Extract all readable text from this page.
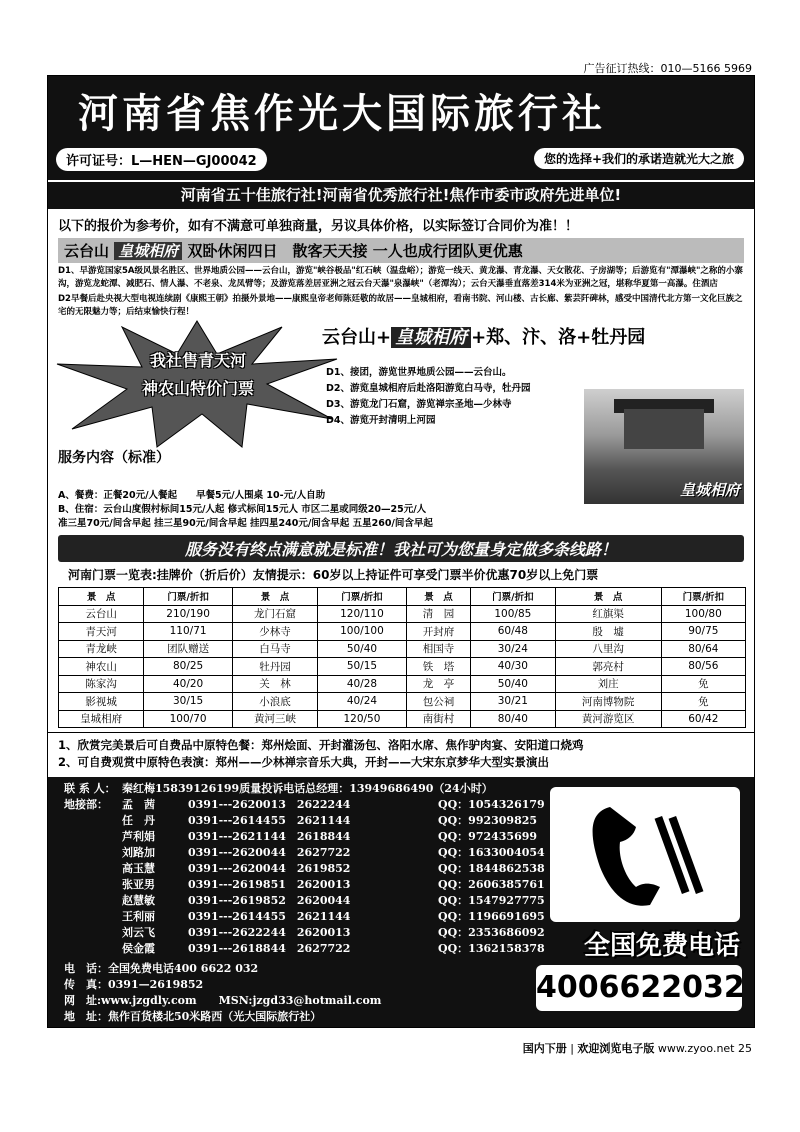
广告征订热线：010—5166 5969
河南省焦作光大国际旅行社
许可证号：L—HEN—GJ00042	您的选择+我们的承诺造就光大之旅
河南省五十佳旅行社!河南省优秀旅行社!焦作市委市政府先进单位!
以下的报价为参考价，如有不满意可单独商量，另议具体价格，以实际签订合同价为准！！
云台山 皇城相府 双卧休闲四日　散客天天接 一人也成行团队更优惠
D1、早游览国家5A级风景名胜区、世界地质公园——云台山，游览"峡谷极品"红石峡（温盘峪）；游览一线天、黄龙瀑、青龙瀑、天女散花、子房湖等；后游览有"潭瀑峡"之称的小寨沟，游览龙蛇潭、减肥石、情人瀑、不老泉、龙凤臂等；及游览落差居亚洲之冠云台天瀑"泉瀑峡"（老潭沟）；云台天瀑垂直落差314米为亚洲之冠，堪称华夏第一高瀑。住酒店
D2早餐后赴央视大型电视连续剧《康熙王朝》拍摄外景地——康熙皇帝老师陈廷敬的故居——皇城相府，看南书院、河山楼、古长廊、紫芸阡碑林，感受中国清代北方第一文化巨族之宅的无限魅力等；后结束愉快行程！
我社售青天河
神农山特价门票
云台山+ 皇城相府 +郑、汴、洛+牡丹园
D1、接团，游览世界地质公园——云台山。
D2、游览皇城相府后赴洛阳游览白马寺，牡丹园
D3、游览龙门石窟，游览禅宗圣地—少林寺
D4、游览开封清明上河园
皇城相府
服务内容（标准）
A、餐费：正餐20元/人餐起　　早餐5元/人围桌 10-元/人自助
B、住宿：云台山度假村标间15元/人起 修式标间15元人 市区二星或同级20—25元/人
准三星70元/间含早起 挂三星90元/间含早起 挂四星240元/间含早起 五星260/间含早起
服务没有终点满意就是标准！我社可为您量身定做多条线路！
河南门票一览表:挂牌价（折后价）友情提示：60岁以上持证件可享受门票半价优惠70岁以上免门票
景　点	门票/折扣	景　点	门票/折扣	景　点	门票/折扣	景　点	门票/折扣
云台山	210/190	龙门石窟	120/110	清　园	100/85	红旗渠	100/80
青天河	110/71	少林寺	100/100	开封府	60/48	殷　墟	90/75
青龙峡	团队赠送	白马寺	50/40	相国寺	30/24	八里沟	80/64
神农山	80/25	牡丹园	50/15	铁　塔	40/30	郭亮村	80/56
陈家沟	40/20	关　林	40/28	龙　亭	50/40	刘庄	免
影视城	30/15	小浪底	40/24	包公祠	30/21	河南博物院	免
皇城相府	100/70	黄河三峡	120/50	南街村	80/40	黄河游览区	60/42
1、欣赏完美景后可自费品中原特色餐：郑州烩面、开封灌汤包、洛阳水席、焦作驴肉宴、安阳道口烧鸡
2、可自费观赏中原特色表演：郑州——少林禅宗音乐大典，开封——大宋东京梦华大型实景演出
联 系 人： 秦红梅15839126199质量投诉电话总经理：13949686490（24小时）
地接部：	孟　茜	0391---2620013　2622244	QQ：1054326179
任　丹	0391---2614455　2621144	QQ：992309825
芦利娟	0391---2621144　2618844	QQ：972435699
刘路加	0391---2620044　2627722	QQ：1633004054
高玉慧	0391---2620044　2619852	QQ：1844862538
张亚男	0391---2619851　2620013	QQ：2606385761
赵慧敏	0391---2619852　2620044	QQ：1547927775
王利丽	0391---2614455　2621144	QQ：1196691695
刘云飞	0391---2622244　2620013	QQ：2353686092
侯金霞	0391---2618844　2627722	QQ：1362158378
电　话：全国免费电话400 6622 032
传　真：0391—2619852
网　址:www.jzgdly.com　　MSN:jzgd33@hotmail.com
地　址：焦作百货楼北50米路西（光大国际旅行社）
全国免费电话
4006622032
国内下册 | 欢迎浏览电子版 www.zyoo.net 25
